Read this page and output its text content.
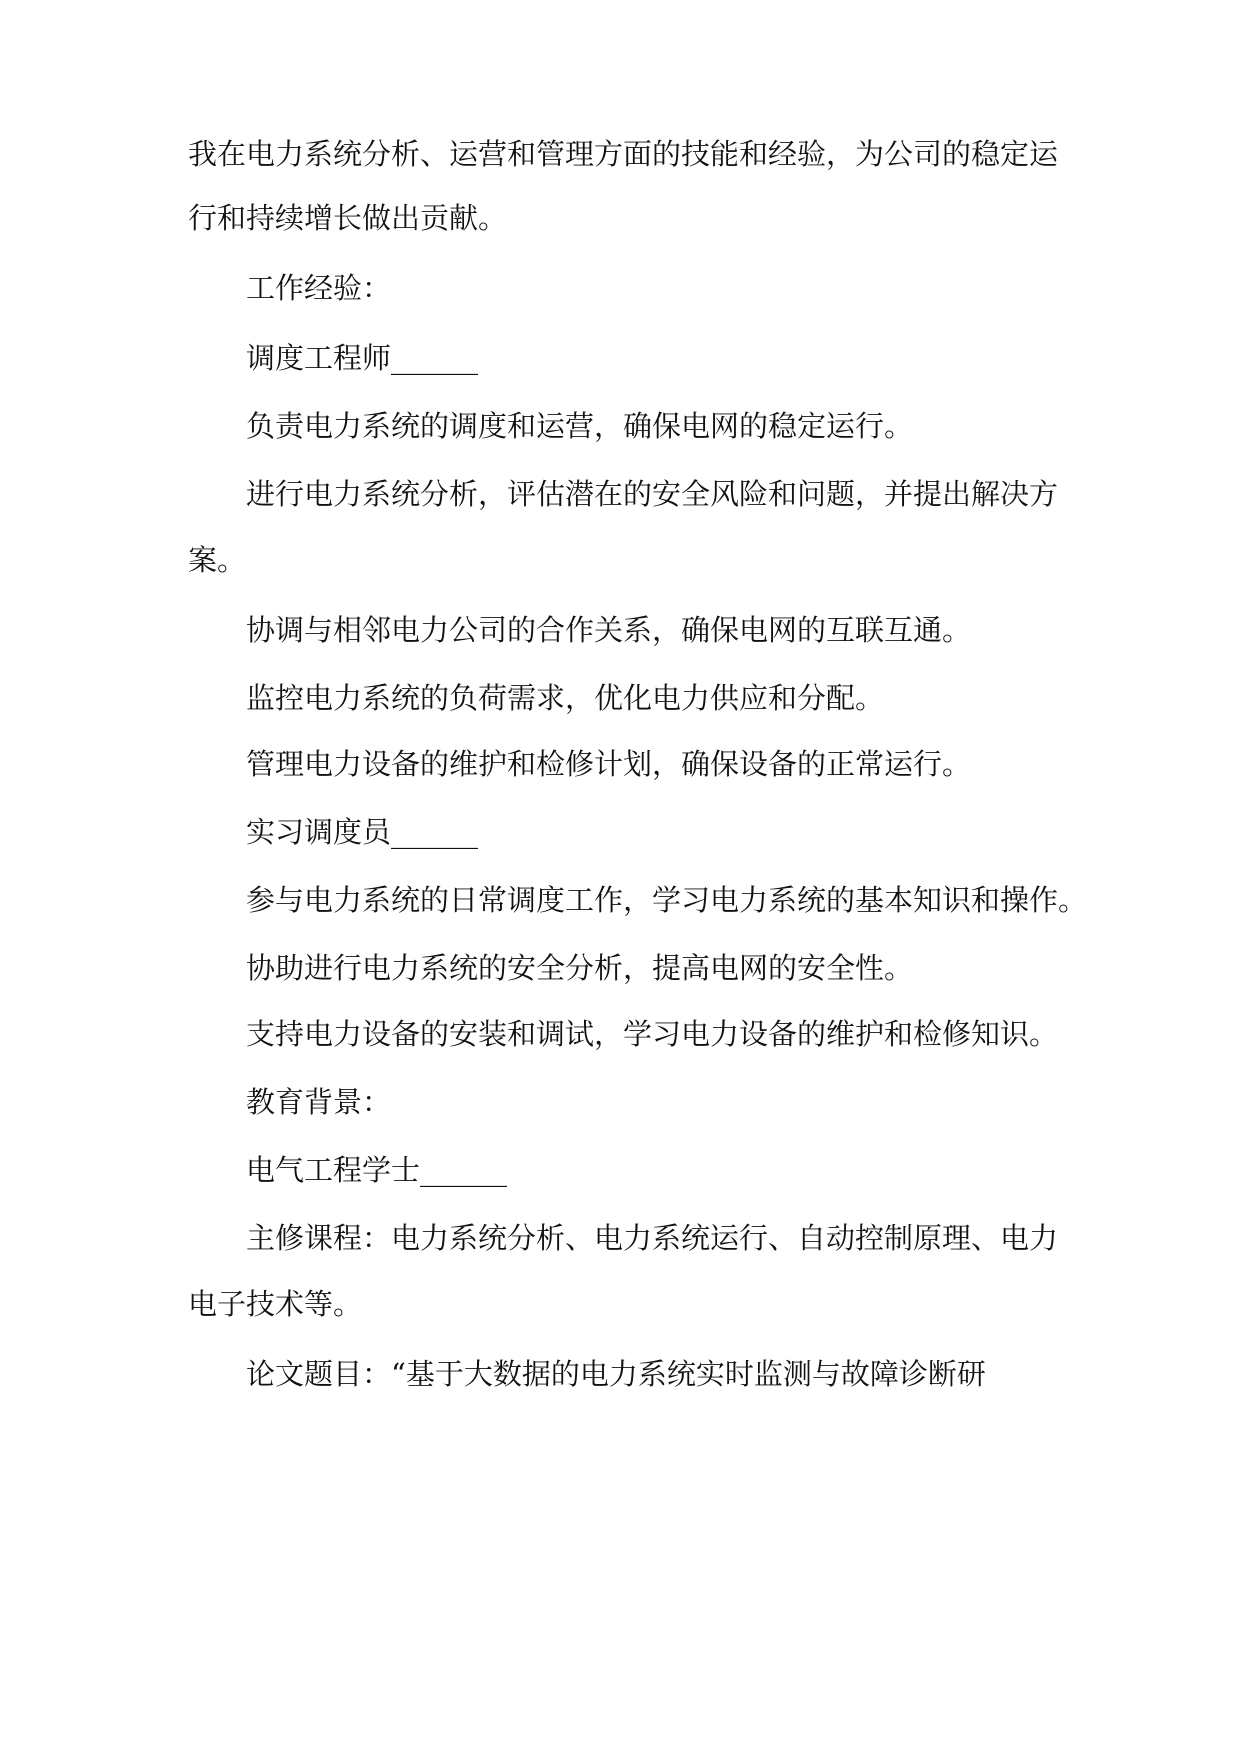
我在电力系统分析、运营和管理方面的技能和经验，为公司的稳定运

行和持续增长做出贡献。

工作经验：

调度工程师______

负责电力系统的调度和运营，确保电网的稳定运行。

进行电力系统分析，评估潜在的安全风险和问题，并提出解决方

案。

协调与相邻电力公司的合作关系，确保电网的互联互通。

监控电力系统的负荷需求，优化电力供应和分配。

管理电力设备的维护和检修计划，确保设备的正常运行。

实习调度员______

参与电力系统的日常调度工作，学习电力系统的基本知识和操作。

协助进行电力系统的安全分析，提高电网的安全性。

支持电力设备的安装和调试，学习电力设备的维护和检修知识。

教育背景：

电气工程学士______

主修课程：电力系统分析、电力系统运行、自动控制原理、电力

电子技术等。

论文题目：“基于大数据的电力系统实时监测与故障诊断研
